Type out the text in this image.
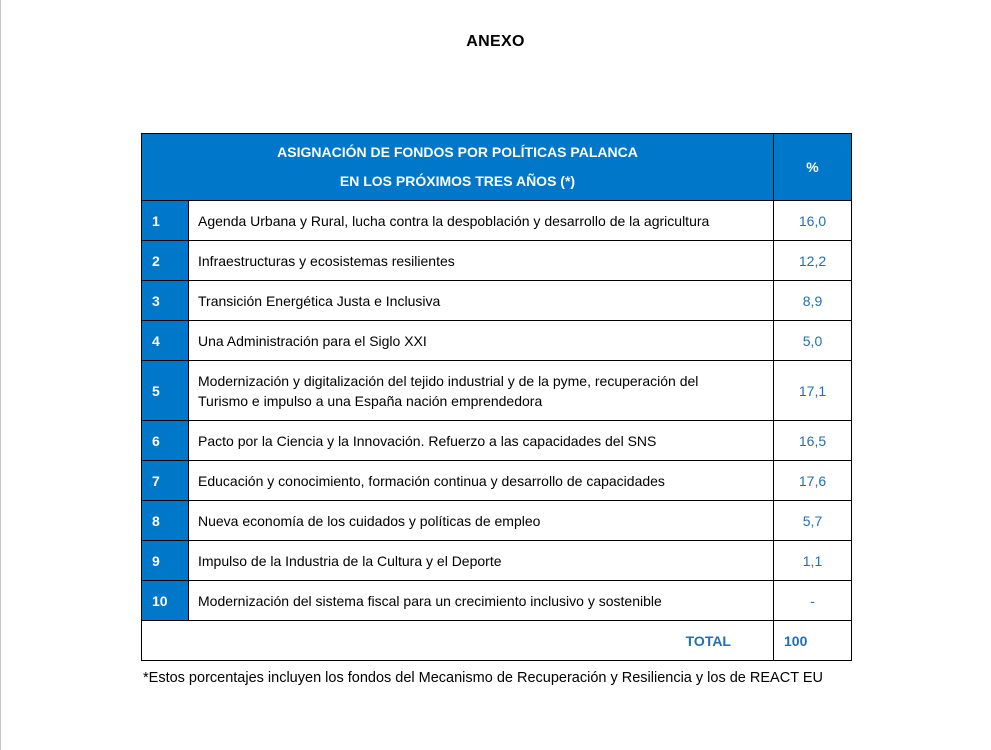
ANEXO
ASIGNACIÓN DE FONDOS POR POLÍTICAS PALANCA
EN LOS PRÓXIMOS TRES AÑOS (*)		%
1	Agenda Urbana y Rural, lucha contra la despoblación y desarrollo de la agricultura	16,0
2	Infraestructuras y ecosistemas resilientes	12,2
3	Transición Energética Justa e Inclusiva	8,9
4	Una Administración para el Siglo XXI	5,0
5	Modernización y digitalización del tejido industrial y de la pyme, recuperación del
Turismo e impulso a una España nación emprendedora	17,1
6	Pacto por la Ciencia y la Innovación. Refuerzo a las capacidades del SNS	16,5
7	Educación y conocimiento, formación continua y desarrollo de capacidades	17,6
8	Nueva economía de los cuidados y políticas de empleo	5,7
9	Impulso de la Industria de la Cultura y el Deporte	1,1
10	Modernización del sistema fiscal para un crecimiento inclusivo y sostenible	-
TOTAL		100
*Estos porcentajes incluyen los fondos del Mecanismo de Recuperación y Resiliencia y los de REACT EU
